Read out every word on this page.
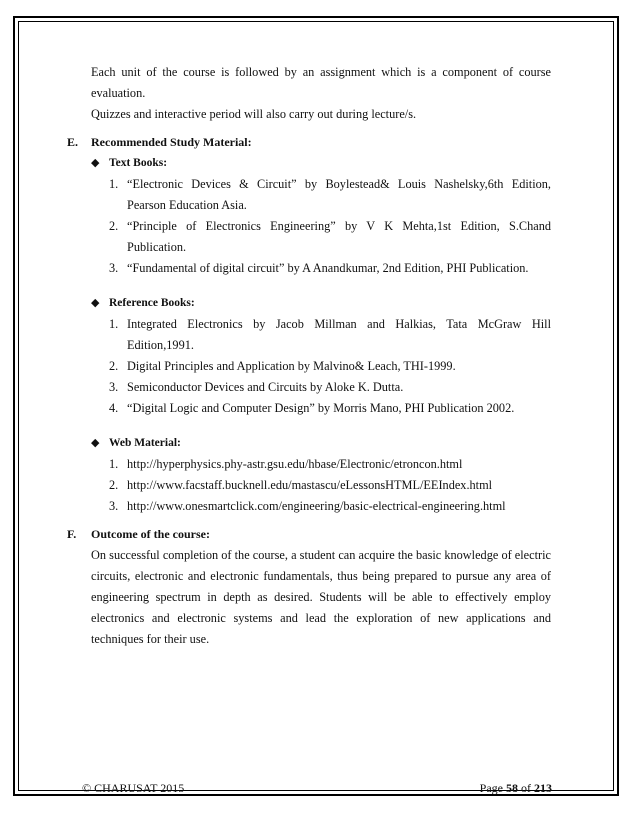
Each unit of the course is followed by an assignment which is a component of course evaluation.

Quizzes and interactive period will also carry out during lecture/s.

E.	Recommended Study Material:
◆ Text Books:
1. “Electronic Devices & Circuit” by Boylestead& Louis Nashelsky,6th Edition, Pearson Education Asia.
2. “Principle of Electronics Engineering” by V K Mehta,1st Edition, S.Chand Publication.
3. “Fundamental of digital circuit” by A Anandkumar, 2nd Edition, PHI Publication.
◆ Reference Books:
1. Integrated Electronics by Jacob Millman and Halkias, Tata McGraw Hill Edition,1991.
2. Digital Principles and Application by Malvino& Leach, THI-1999.
3. Semiconductor Devices and Circuits by Aloke K. Dutta.
4. “Digital Logic and Computer Design” by Morris Mano, PHI Publication 2002.
◆ Web Material:
1. http://hyperphysics.phy-astr.gsu.edu/hbase/Electronic/etroncon.html
2. http://www.facstaff.bucknell.edu/mastascu/eLessonsHTML/EEIndex.html
3. http://www.onesmartclick.com/engineering/basic-electrical-engineering.html
F.	Outcome of the course:

On successful completion of the course, a student can acquire the basic knowledge of electric circuits, electronic and electronic fundamentals, thus being prepared to pursue any area of engineering spectrum in depth as desired. Students will be able to effectively employ electronics and electronic systems and lead the exploration of new applications and techniques for their use.

© CHARUSAT 2015	Page 58 of 213
